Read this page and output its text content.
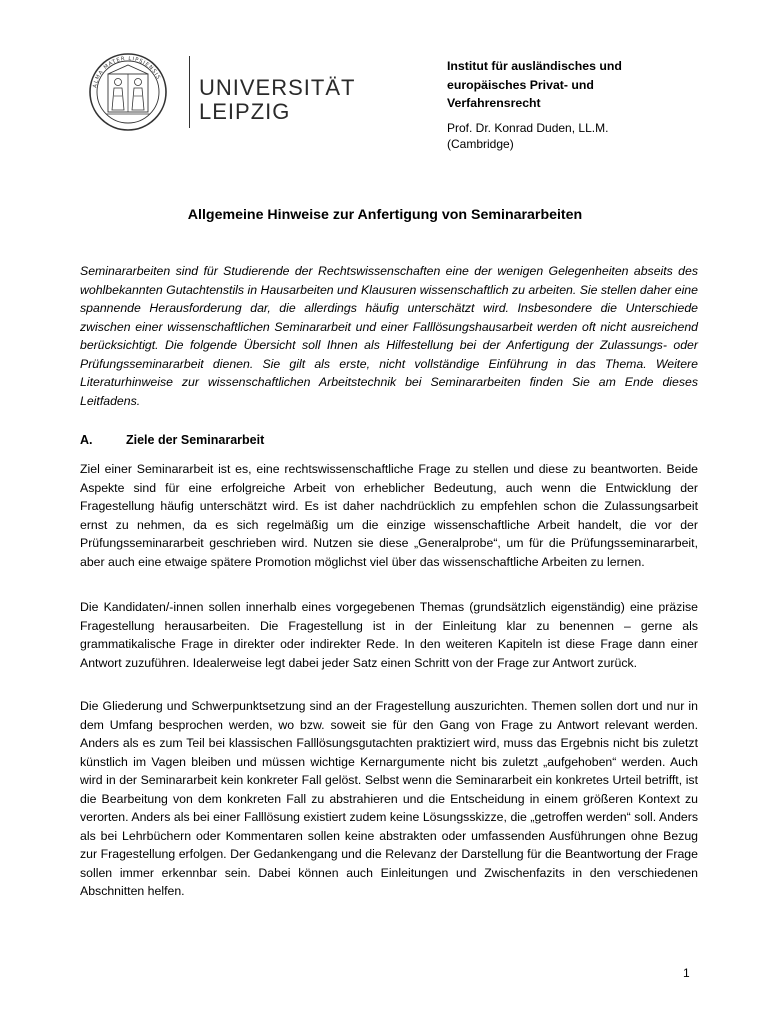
ALMA MATER LIPSIENSIS UNIVERSITÄT
LEIPZIG
Institut für ausländisches und
europäisches Privat- und
Verfahrensrecht
Prof. Dr. Konrad Duden, LL.M.
(Cambridge)
Allgemeine Hinweise zur Anfertigung von Seminararbeiten

Seminararbeiten sind für Studierende der Rechtswissenschaften eine der wenigen Gelegenheiten abseits des wohlbekannten Gutachtenstils in Hausarbeiten und Klausuren wissenschaftlich zu arbeiten. Sie stellen daher eine spannende Herausforderung dar, die allerdings häufig unterschätzt wird. Insbesondere die Unterschiede zwischen einer wissenschaftlichen Seminararbeit und einer Falllösungshausarbeit werden oft nicht ausreichend berücksichtigt. Die folgende Übersicht soll Ihnen als Hilfestellung bei der Anfertigung der Zulassungs- oder Prüfungsseminararbeit dienen. Sie gilt als erste, nicht vollständige Einführung in das Thema. Weitere Literaturhinweise zur wissenschaftlichen Arbeitstechnik bei Seminararbeiten finden Sie am Ende dieses Leitfadens.

A.	Ziele der Seminararbeit

Ziel einer Seminararbeit ist es, eine rechtswissenschaftliche Frage zu stellen und diese zu beantworten. Beide Aspekte sind für eine erfolgreiche Arbeit von erheblicher Bedeutung, auch wenn die Entwicklung der Fragestellung häufig unterschätzt wird. Es ist daher nachdrücklich zu empfehlen schon die Zulassungsarbeit ernst zu nehmen, da es sich regelmäßig um die einzige wissenschaftliche Arbeit handelt, die vor der Prüfungsseminararbeit geschrieben wird. Nutzen sie diese „Generalprobe“, um für die Prüfungsseminararbeit, aber auch eine etwaige spätere Promotion möglichst viel über das wissenschaftliche Arbeiten zu lernen.

Die Kandidaten/-innen sollen innerhalb eines vorgegebenen Themas (grundsätzlich eigenständig) eine präzise Fragestellung herausarbeiten. Die Fragestellung ist in der Einleitung klar zu benennen – gerne als grammatikalische Frage in direkter oder indirekter Rede. In den weiteren Kapiteln ist diese Frage dann einer Antwort zuzuführen. Idealerweise legt dabei jeder Satz einen Schritt von der Frage zur Antwort zurück.

Die Gliederung und Schwerpunktsetzung sind an der Fragestellung auszurichten. Themen sollen dort und nur in dem Umfang besprochen werden, wo bzw. soweit sie für den Gang von Frage zu Antwort relevant werden. Anders als es zum Teil bei klassischen Falllösungsgutachten praktiziert wird, muss das Ergebnis nicht bis zuletzt künstlich im Vagen bleiben und müssen wichtige Kernargumente nicht bis zuletzt „aufgehoben“ werden. Auch wird in der Seminararbeit kein konkreter Fall gelöst. Selbst wenn die Seminararbeit ein konkretes Urteil betrifft, ist die Bearbeitung von dem konkreten Fall zu abstrahieren und die Entscheidung in einem größeren Kontext zu verorten. Anders als bei einer Falllösung existiert zudem keine Lösungsskizze, die „getroffen werden“ soll. Anders als bei Lehrbüchern oder Kommentaren sollen keine abstrakten oder umfassenden Ausführungen ohne Bezug zur Fragestellung erfolgen. Der Gedankengang und die Relevanz der Darstellung für die Beantwortung der Frage sollen immer erkennbar sein. Dabei können auch Einleitungen und Zwischenfazits in den verschiedenen Abschnitten helfen.

1
